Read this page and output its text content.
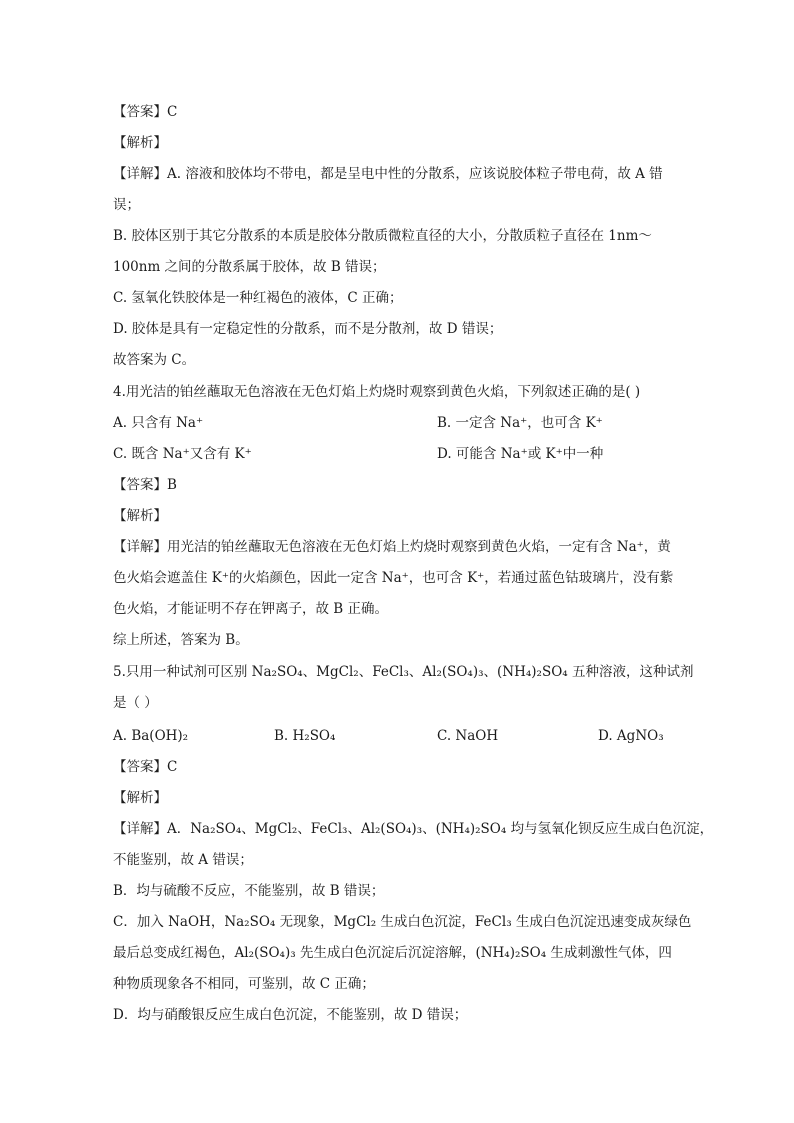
【答案】C
【解析】
【详解】A. 溶液和胶体均不带电，都是呈电中性的分散系，应该说胶体粒子带电荷，故 A 错
误；
B. 胶体区别于其它分散系的本质是胶体分散质微粒直径的大小，分散质粒子直径在 1nm～
100nm 之间的分散系属于胶体，故 B 错误；
C. 氢氧化铁胶体是一种红褐色的液体，C 正确；
D. 胶体是具有一定稳定性的分散系，而不是分散剂，故 D 错误；
故答案为 C。
4.用光洁的铂丝蘸取无色溶液在无色灯焰上灼烧时观察到黄色火焰，下列叙述正确的是( )
A. 只含有 Na⁺	B. 一定含 Na⁺，也可含 K⁺
C. 既含 Na⁺又含有 K⁺	D. 可能含 Na⁺或 K⁺中一种
【答案】B
【解析】
【详解】用光洁的铂丝蘸取无色溶液在无色灯焰上灼烧时观察到黄色火焰，一定有含 Na⁺，黄
色火焰会遮盖住 K⁺的火焰颜色，因此一定含 Na⁺，也可含 K⁺，若通过蓝色钴玻璃片，没有紫
色火焰，才能证明不存在钾离子，故 B 正确。
综上所述，答案为 B。
5.只用一种试剂可区别 Na₂SO₄、MgCl₂、FeCl₃、Al₂(SO₄)₃、(NH₄)₂SO₄ 五种溶液，这种试剂
是（ ）
A. Ba(OH)₂	B. H₂SO₄	C. NaOH	D. AgNO₃
【答案】C
【解析】
【详解】A．Na₂SO₄、MgCl₂、FeCl₃、Al₂(SO₄)₃、(NH₄)₂SO₄ 均与氢氧化钡反应生成白色沉淀，
不能鉴别，故 A 错误；
B．均与硫酸不反应，不能鉴别，故 B 错误；
C．加入 NaOH，Na₂SO₄ 无现象，MgCl₂ 生成白色沉淀，FeCl₃ 生成白色沉淀迅速变成灰绿色
最后总变成红褐色，Al₂(SO₄)₃ 先生成白色沉淀后沉淀溶解，(NH₄)₂SO₄ 生成刺激性气体，四
种物质现象各不相同，可鉴别，故 C 正确；
D．均与硝酸银反应生成白色沉淀，不能鉴别，故 D 错误；
